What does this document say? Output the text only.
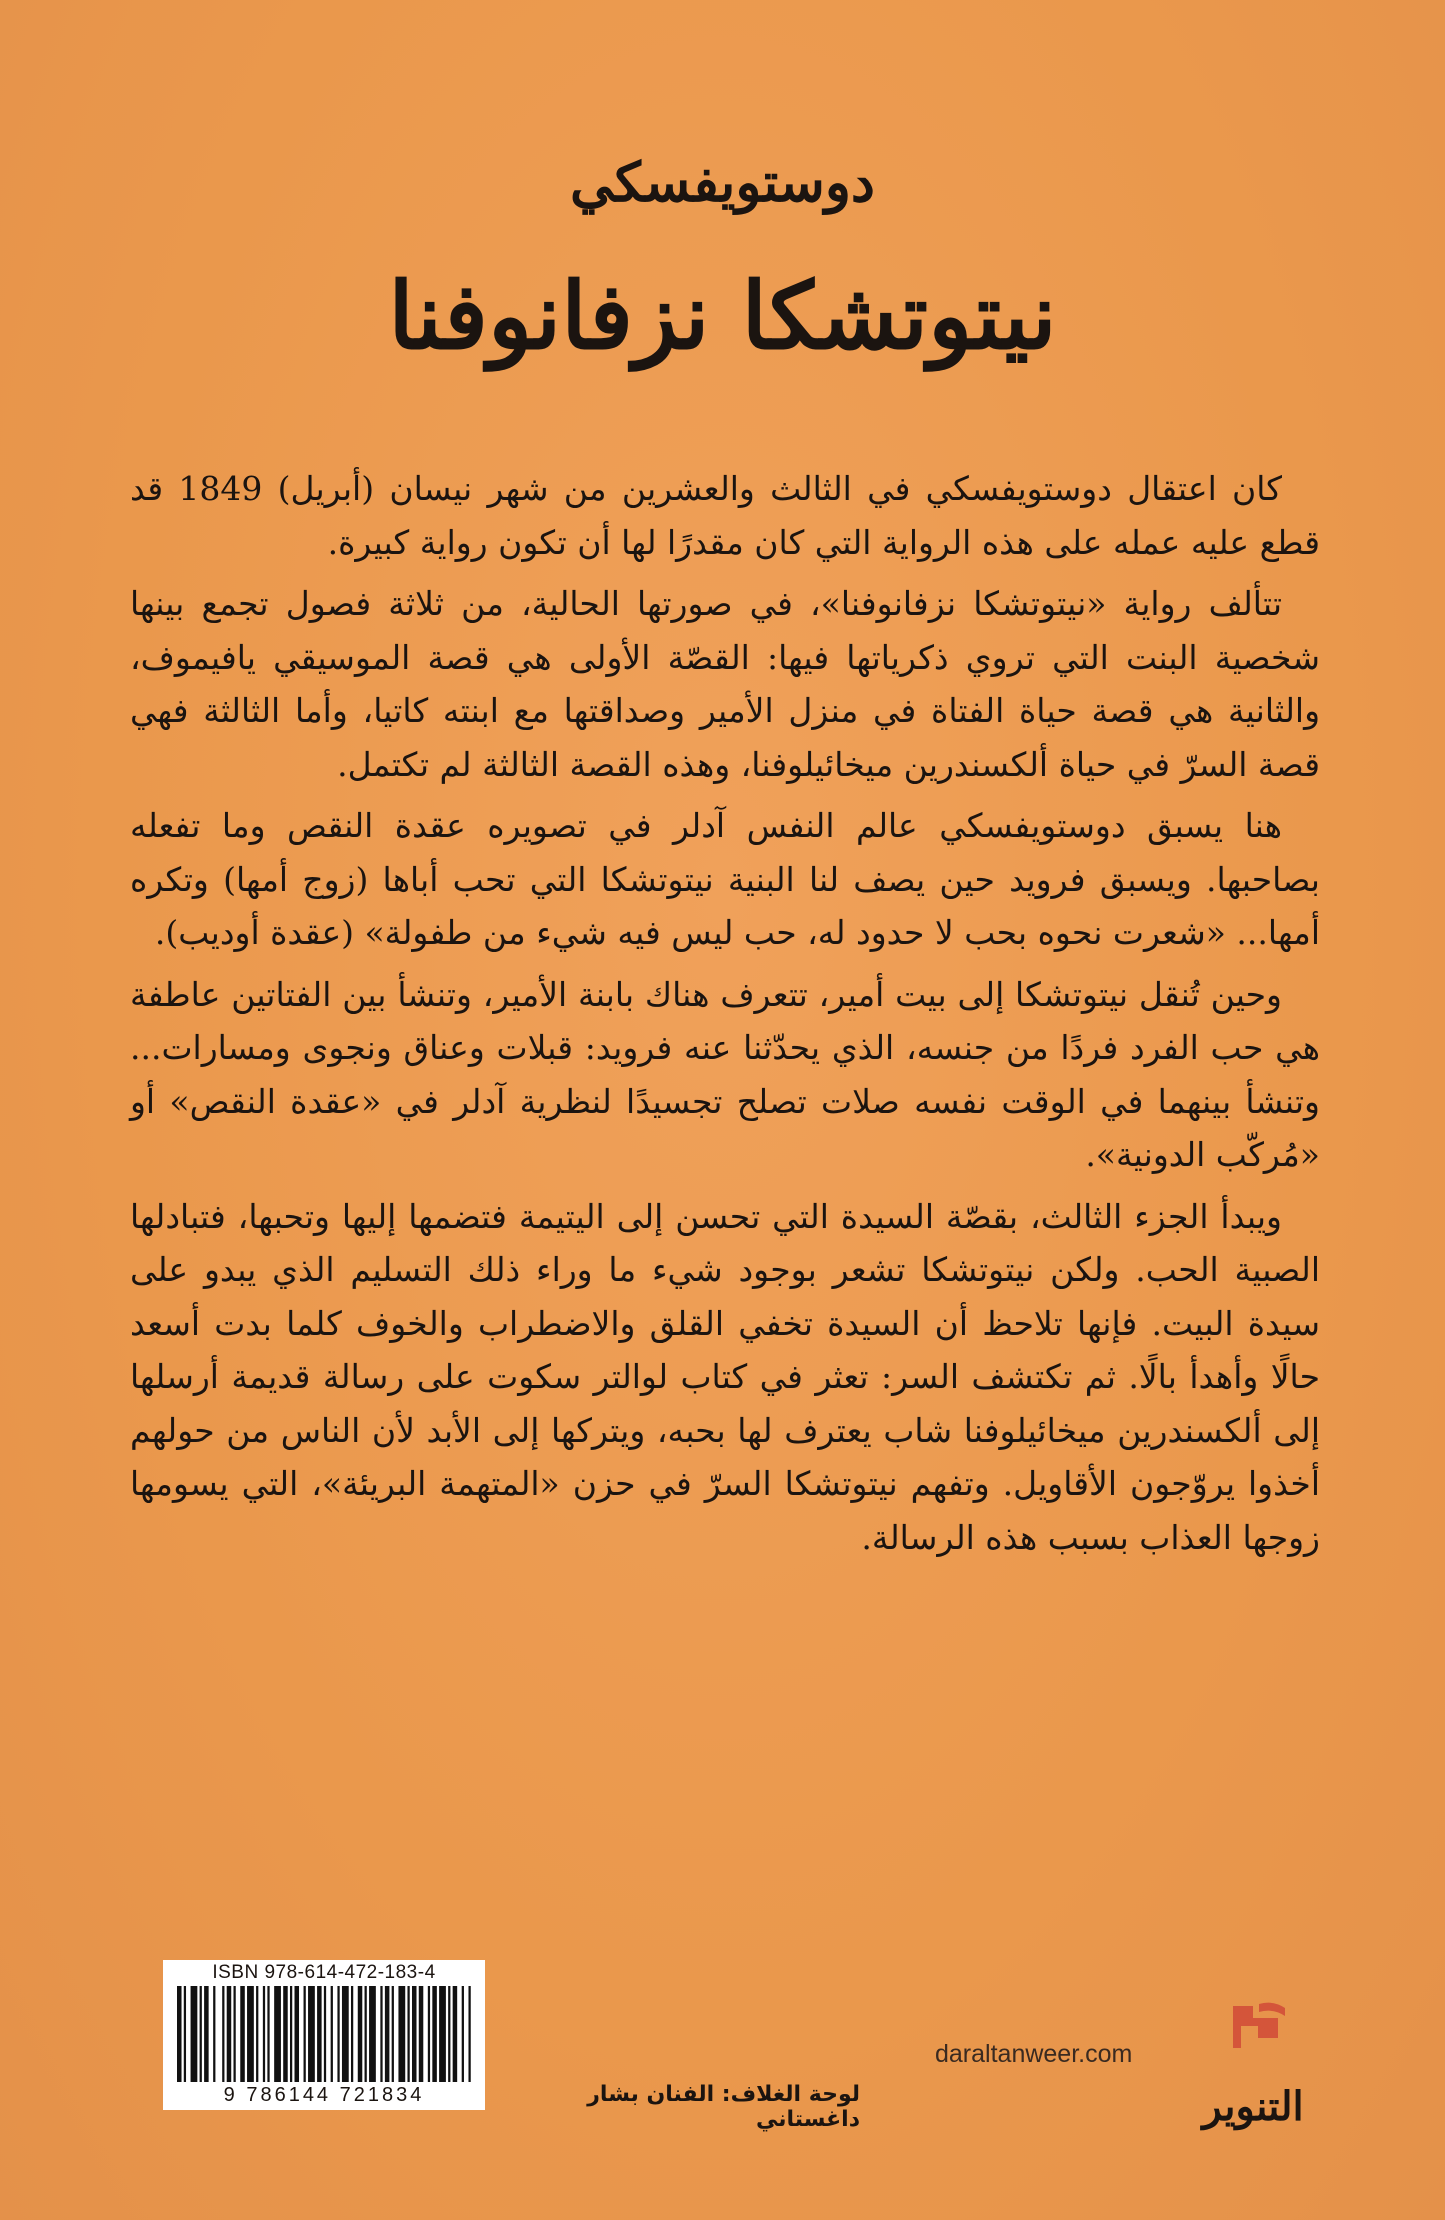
دوستويفسكي
نيتوتشكا نزفانوفنا

كان اعتقال دوستويفسكي في الثالث والعشرين من شهر نيسان (أبريل) 1849 قد قطع عليه عمله على هذه الرواية التي كان مقدرًا لها أن تكون رواية كبيرة.

تتألف رواية «نيتوتشكا نزفانوفنا»، في صورتها الحالية، من ثلاثة فصول تجمع بينها شخصية البنت التي تروي ذكرياتها فيها: القصّة الأولى هي قصة الموسيقي يافيموف، والثانية هي قصة حياة الفتاة في منزل الأمير وصداقتها مع ابنته كاتيا، وأما الثالثة فهي قصة السرّ في حياة ألكسندرين ميخائيلوفنا، وهذه القصة الثالثة لم تكتمل.

هنا يسبق دوستويفسكي عالم النفس آدلر في تصويره عقدة النقص وما تفعله بصاحبها. ويسبق فرويد حين يصف لنا البنية نيتوتشكا التي تحب أباها (زوج أمها) وتكره أمها... «شعرت نحوه بحب لا حدود له، حب ليس فيه شيء من طفولة» (عقدة أوديب).

وحين تُنقل نيتوتشكا إلى بيت أمير، تتعرف هناك بابنة الأمير، وتنشأ بين الفتاتين عاطفة هي حب الفرد فردًا من جنسه، الذي يحدّثنا عنه فرويد: قبلات وعناق ونجوى ومسارات... وتنشأ بينهما في الوقت نفسه صلات تصلح تجسيدًا لنظرية آدلر في «عقدة النقص» أو «مُركّب الدونية».

ويبدأ الجزء الثالث، بقصّة السيدة التي تحسن إلى اليتيمة فتضمها إليها وتحبها، فتبادلها الصبية الحب. ولكن نيتوتشكا تشعر بوجود شيء ما وراء ذلك التسليم الذي يبدو على سيدة البيت. فإنها تلاحظ أن السيدة تخفي القلق والاضطراب والخوف كلما بدت أسعد حالًا وأهدأ بالًا. ثم تكتشف السر: تعثر في كتاب لوالتر سكوت على رسالة قديمة أرسلها إلى ألكسندرين ميخائيلوفنا شاب يعترف لها بحبه، ويتركها إلى الأبد لأن الناس من حولهم أخذوا يروّجون الأقاويل. وتفهم نيتوتشكا السرّ في حزن «المتهمة البريئة»، التي يسومها زوجها العذاب بسبب هذه الرسالة.

ISBN 978-614-472-183-4
9 786144 721834	لوحة الغلاف: الفنان بشار داغستاني
daraltanweer.com
التنوير
